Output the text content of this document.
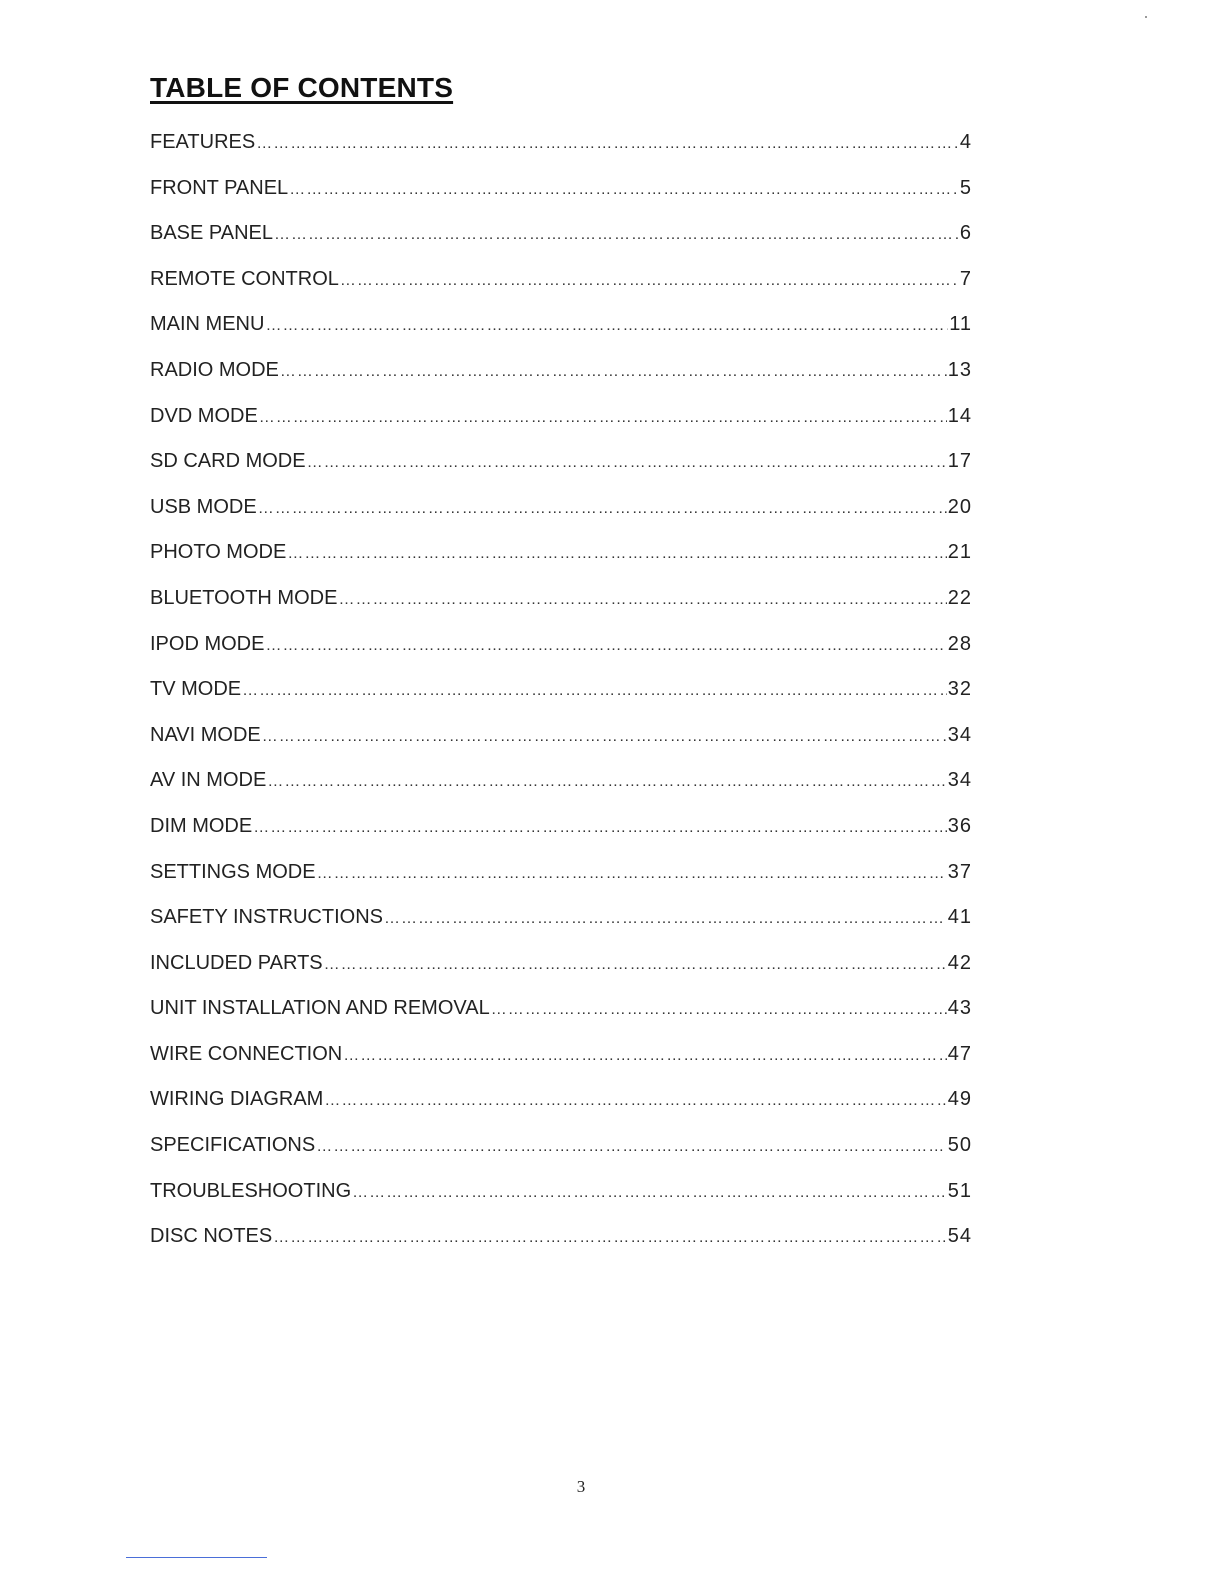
TABLE OF CONTENTS
FEATURES ……………………………………………………………………………………………………………………………………………………………………………………	4
FRONT PANEL ……………………………………………………………………………………………………………………………………………………………………………………	5
BASE PANEL ……………………………………………………………………………………………………………………………………………………………………………………	6
REMOTE CONTROL ……………………………………………………………………………………………………………………………………………………………………………………	7
MAIN MENU ……………………………………………………………………………………………………………………………………………………………………………………	11
RADIO MODE ……………………………………………………………………………………………………………………………………………………………………………………	13
DVD MODE ……………………………………………………………………………………………………………………………………………………………………………………	14
SD CARD MODE ……………………………………………………………………………………………………………………………………………………………………………………	17
USB MODE ……………………………………………………………………………………………………………………………………………………………………………………	20
PHOTO MODE ……………………………………………………………………………………………………………………………………………………………………………………	21
BLUETOOTH MODE ……………………………………………………………………………………………………………………………………………………………………………………	22
IPOD MODE ……………………………………………………………………………………………………………………………………………………………………………………	28
TV MODE ……………………………………………………………………………………………………………………………………………………………………………………	32
NAVI MODE ……………………………………………………………………………………………………………………………………………………………………………………	34
AV IN MODE ……………………………………………………………………………………………………………………………………………………………………………………	34
DIM MODE ……………………………………………………………………………………………………………………………………………………………………………………	36
SETTINGS MODE ……………………………………………………………………………………………………………………………………………………………………………………	37
SAFETY INSTRUCTIONS ……………………………………………………………………………………………………………………………………………………………………………………	41
INCLUDED PARTS ……………………………………………………………………………………………………………………………………………………………………………………	42
UNIT INSTALLATION AND REMOVAL ……………………………………………………………………………………………………………………………………………………………………………………	43
WIRE CONNECTION ……………………………………………………………………………………………………………………………………………………………………………………	47
WIRING DIAGRAM ……………………………………………………………………………………………………………………………………………………………………………………	49
SPECIFICATIONS ……………………………………………………………………………………………………………………………………………………………………………………	50
TROUBLESHOOTING ……………………………………………………………………………………………………………………………………………………………………………………	51
DISC NOTES ……………………………………………………………………………………………………………………………………………………………………………………	54
3
